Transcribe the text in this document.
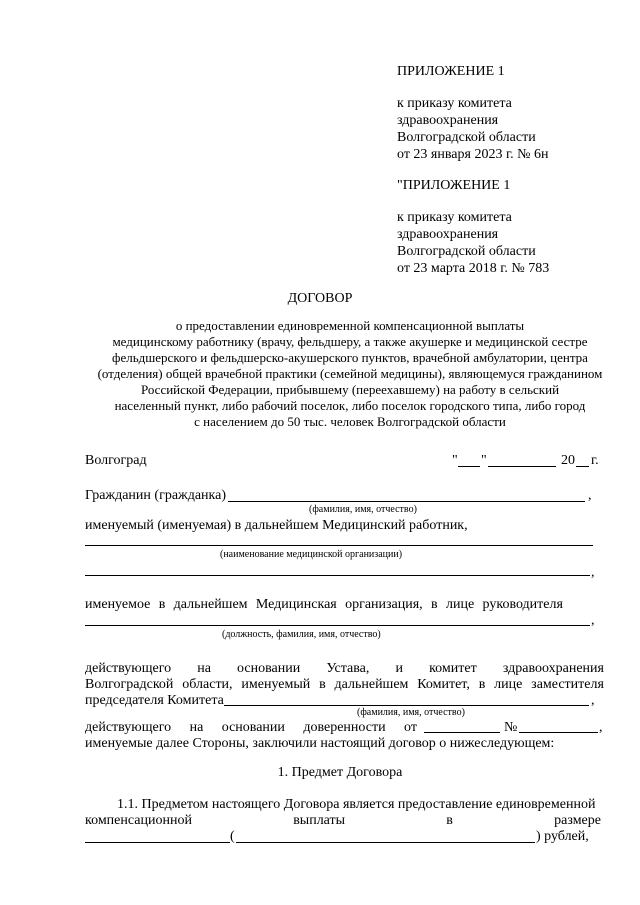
ПРИЛОЖЕНИЕ 1
к приказу комитета
здравоохранения
Волгоградской области
от 23 января 2023 г. № 6н
"ПРИЛОЖЕНИЕ 1
к приказу комитета
здравоохранения
Волгоградской области
от 23 марта 2018 г. № 783
ДОГОВОР
о предоставлении единовременной компенсационной выплаты
медицинскому работнику (врачу, фельдшеру, а также акушерке и медицинской сестре
фельдшерского и фельдшерско-акушерского пунктов, врачебной амбулатории, центра
(отделения) общей врачебной практики (семейной медицины), являющемуся гражданином
Российской Федерации, прибывшему (переехавшему) на работу в сельский
населенный пункт, либо рабочий поселок, либо поселок городского типа, либо город
с населением до 50 тыс. человек Волгоградской области
Волгоград	" "	20 г.
Гражданин (гражданка)	,
(фамилия, имя, отчество)
именуемый (именуемая) в дальнейшем Медицинский работник,
(наименование медицинской организации)
,
именуемое в дальнейшем Медицинская организация, в лице руководителя
,
(должность, фамилия, имя, отчество)
действующего на основании Устава, и комитет здравоохранения
Волгоградской области, именуемый в дальнейшем Комитет, в лице заместителя
председателя Комитета	,
(фамилия, имя, отчество)
действующего на основании доверенности от	№	,
именуемые далее Стороны, заключили настоящий договор о нижеследующем:
1. Предмет Договора
1.1. Предметом настоящего Договора является предоставление единовременной
компенсационной	выплаты	в	размере
(	) рублей,
